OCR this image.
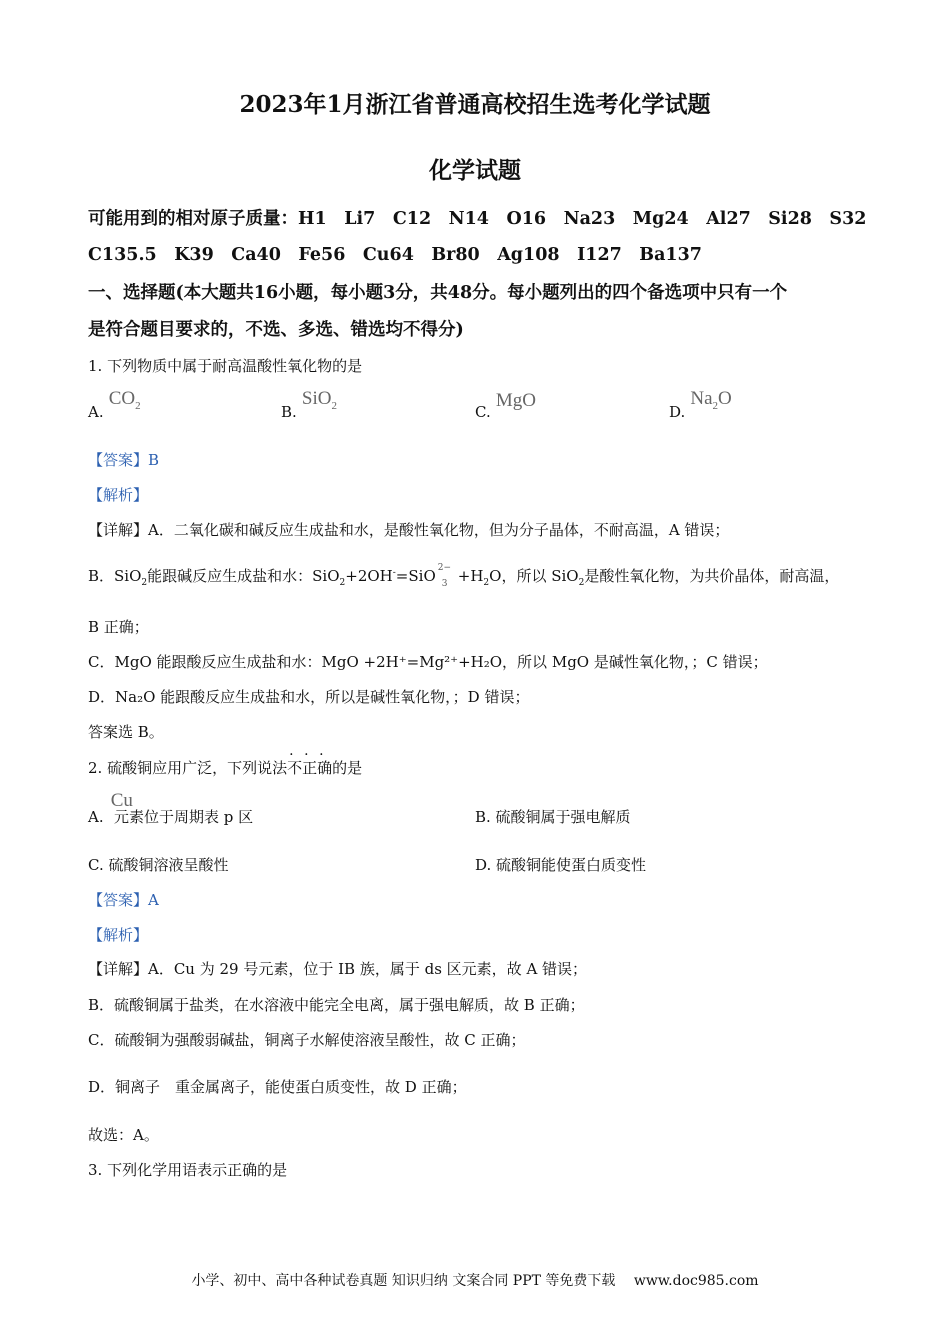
2023年1月浙江省普通高校招生选考化学试题
化学试题
可能用到的相对原子质量：H1　Li7　C12　N14　O16　Na23　Mg24　Al27　Si28　S32
C135.5　K39　Ca40　Fe56　Cu64　Br80　Ag108　I127　Ba137
一、选择题(本大题共16小题，每小题3分，共48分。每小题列出的四个备选项中只有一个
是符合题目要求的，不选、多选、错选均不得分)
1. 下列物质中属于耐高温酸性氧化物的是
A. $CO_2$	B. SiO$_2$	C. MgO
D. $Na_2O$
【答案】B
【解析】
【详解】A．二氧化碳和碱反应生成盐和水，是酸性氧化物，但为分子晶体，不耐高温，A 错误；
B．SiO$_2$能跟碱反应生成盐和水：SiO$_2$+2OH-=SiO 2−
$3 +H_2O$，所以 SiO$_2$是酸性氧化物，为共价晶体，耐高温，
B 正确；
C．MgO 能跟酸反应生成盐和水：MgO +2H⁺=Mg²⁺+H₂O，所以 MgO 是碱性氧化物，；C 错误；
D．Na₂O 能跟酸反应生成盐和水，所以是碱性氧化物，；D 错误；
答案选 B。
2. 硫酸铜应用广泛，下列说法
· · ·
不正确的是
A. Cu 元素位于周期表 p 区	B. 硫酸铜属于强电解质
C. 硫酸铜溶液呈酸性	D. 硫酸铜能使蛋白质变性
【答案】A
【解析】
【详解】A．Cu 为 29 号元素，位于 IB 族，属于 ds 区元素，故 A 错误；
B．硫酸铜属于盐类，在水溶液中能完全电离，属于强电解质，故 B 正确；
C．硫酸铜为强酸弱碱盐，铜离子水解使溶液呈酸性，故 C 正确；
D．铜离子　重金属离子，能使蛋白质变性，故 D 正确；
故选：A。
3. 下列化学用语表示正确的是
小学、初中、高中各种试卷真题 知识归纳 文案合同 PPT 等免费下载　 www.doc985.com
